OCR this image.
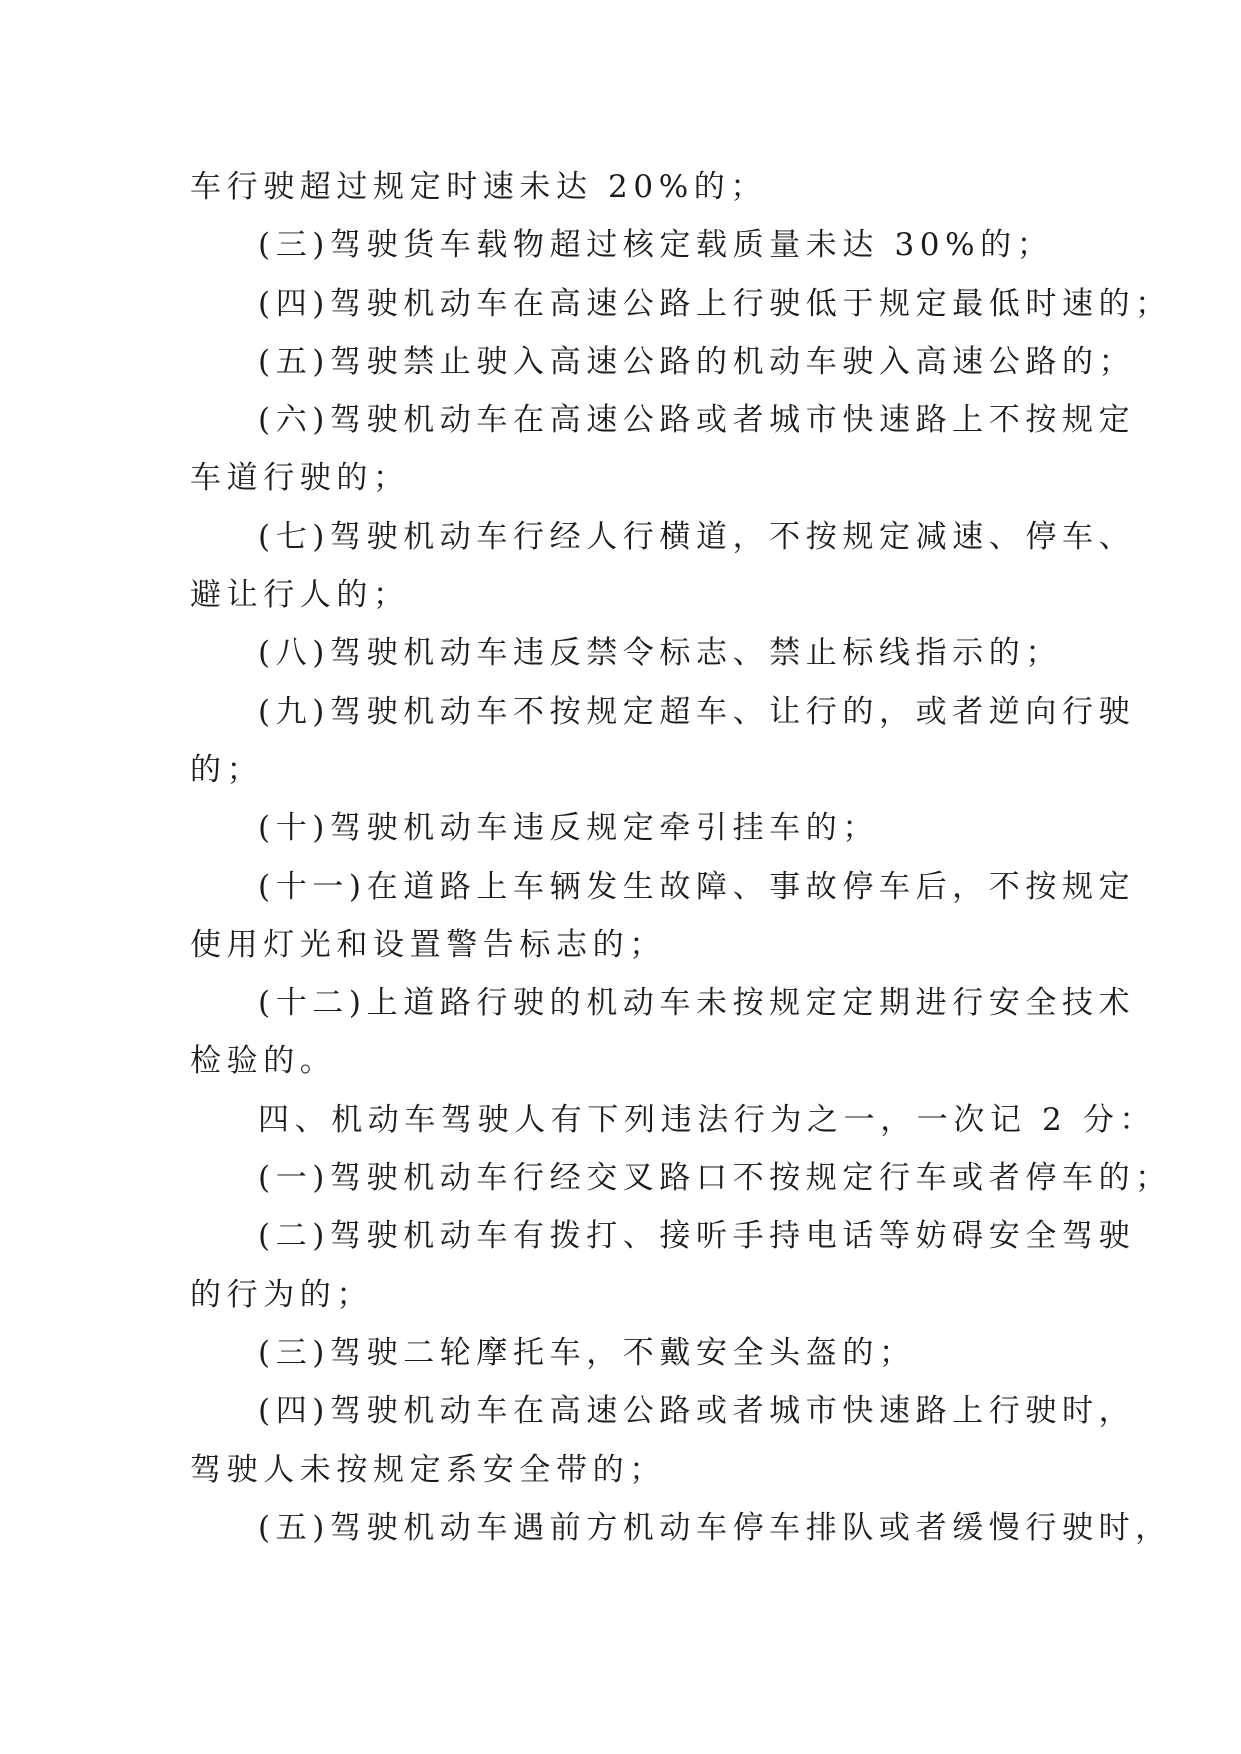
车行驶超过规定时速未达 20%的；
(三)驾驶货车载物超过核定载质量未达 30%的；
(四)驾驶机动车在高速公路上行驶低于规定最低时速的；
(五)驾驶禁止驶入高速公路的机动车驶入高速公路的；
(六)驾驶机动车在高速公路或者城市快速路上不按规定
车道行驶的；
(七)驾驶机动车行经人行横道，不按规定减速、停车、
避让行人的；
(八)驾驶机动车违反禁令标志、禁止标线指示的；
(九)驾驶机动车不按规定超车、让行的，或者逆向行驶
的；
(十)驾驶机动车违反规定牵引挂车的；
(十一)在道路上车辆发生故障、事故停车后，不按规定
使用灯光和设置警告标志的；
(十二)上道路行驶的机动车未按规定定期进行安全技术
检验的。
四、机动车驾驶人有下列违法行为之一，一次记 2 分：
(一)驾驶机动车行经交叉路口不按规定行车或者停车的；
(二)驾驶机动车有拨打、接听手持电话等妨碍安全驾驶
的行为的；
(三)驾驶二轮摩托车，不戴安全头盔的；
(四)驾驶机动车在高速公路或者城市快速路上行驶时，
驾驶人未按规定系安全带的；
(五)驾驶机动车遇前方机动车停车排队或者缓慢行驶时，
